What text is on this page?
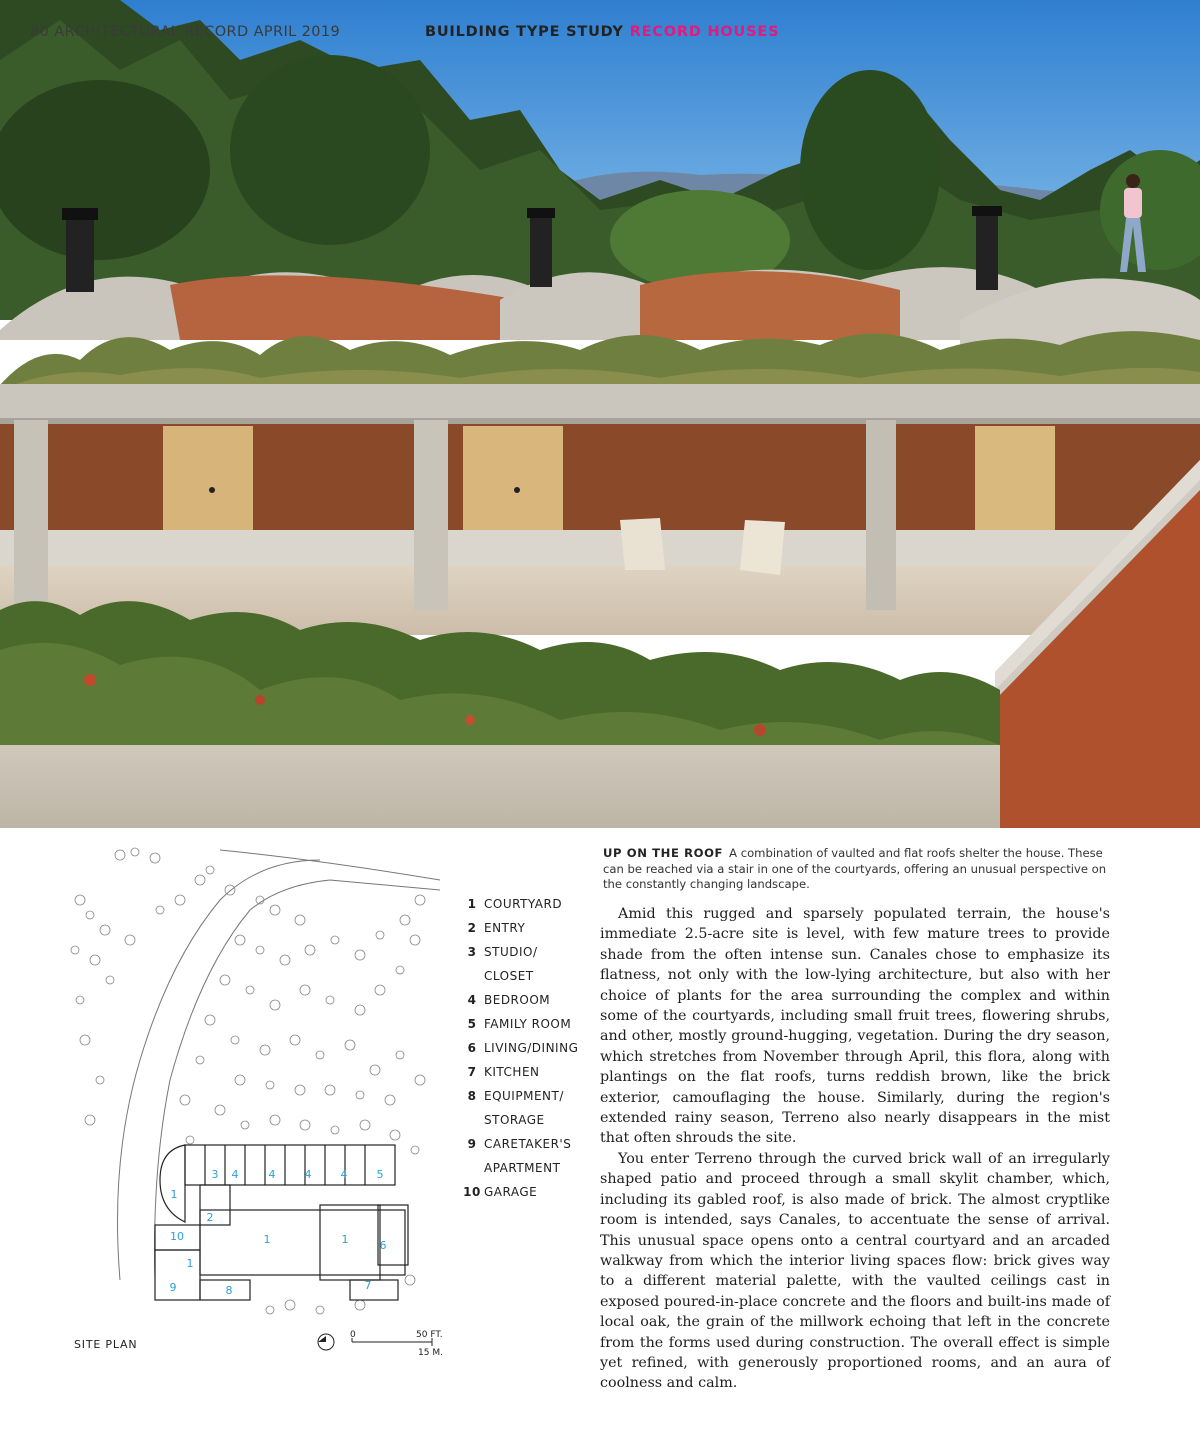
80 ARCHITECTURAL RECORD APRIL 2019	BUILDING TYPE STUDY RECORD HOUSES
1
1	1
1
2
3 4	4	4	4	5
6
7
8
9
10
SITE PLAN
0	50 FT.
15 M.
1 COURTYARD
2 ENTRY
3 STUDIO/ CLOSET
4 BEDROOM
5 FAMILY ROOM
6 LIVING/DINING
7 KITCHEN
8 EQUIPMENT/ STORAGE
9 CARETAKER'S APARTMENT
10 GARAGE
UP ON THE ROOF A combination of vaulted and flat roofs shelter the house. These can be reached via a stair in one of the courtyards, offering an unusual perspective on the constantly changing landscape.

Amid this rugged and sparsely populated terrain, the house's immediate 2.5-acre site is level, with few mature trees to provide shade from the often intense sun. Canales chose to emphasize its flatness, not only with the low-lying architecture, but also with her choice of plants for the area surrounding the complex and within some of the courtyards, including small fruit trees, flowering shrubs, and other, mostly ground-hugging, vegetation. During the dry season, which stretches from November through April, this flora, along with plantings on the flat roofs, turns reddish brown, like the brick exterior, camouflaging the house. Similarly, during the region's extended rainy season, Terreno also nearly disappears in the mist that often shrouds the site.

You enter Terreno through the curved brick wall of an irregularly shaped patio and proceed through a small skylit chamber, which, including its gabled roof, is also made of brick. The almost cryptlike room is intended, says Canales, to accentuate the sense of arrival. This unusual space opens onto a central courtyard and an arcaded walkway from which the interior living spaces flow: brick gives way to a different material palette, with the vaulted ceilings cast in exposed poured-in-place concrete and the floors and built-ins made of local oak, the grain of the millwork echoing that left in the concrete from the forms used during construction. The overall effect is simple yet refined, with generously proportioned rooms, and an aura of coolness and calm.
